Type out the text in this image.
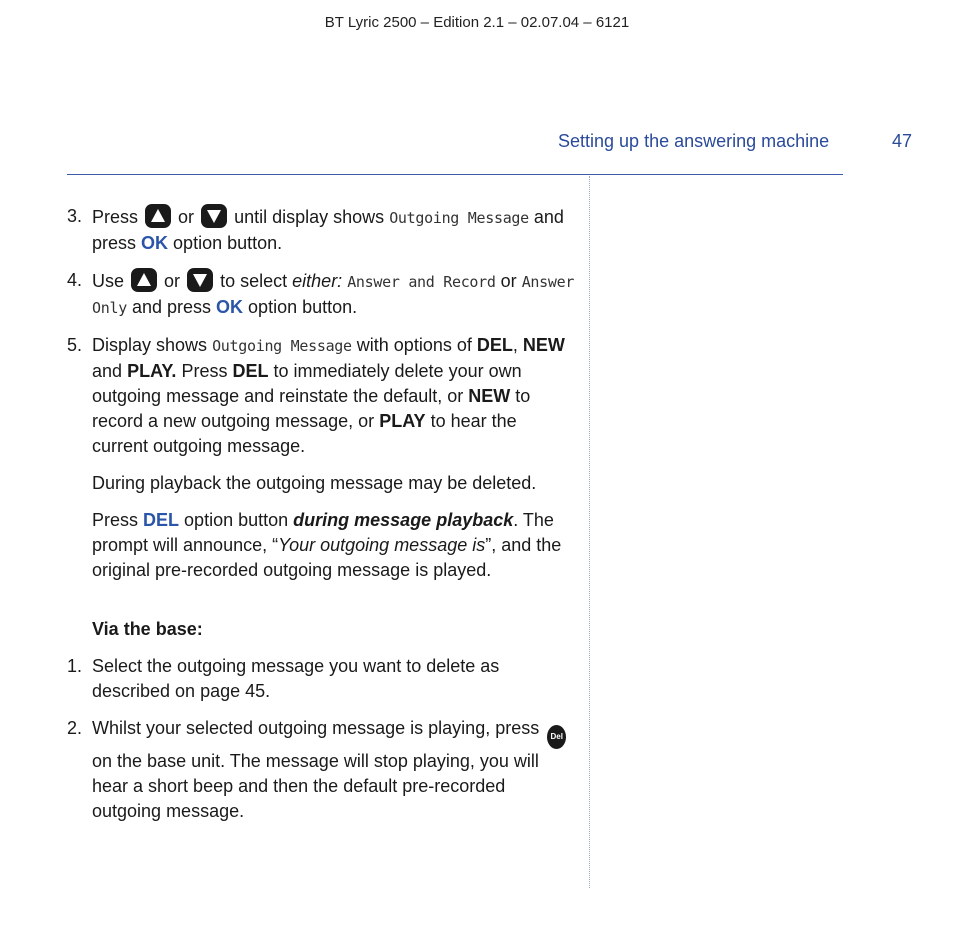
BT Lyric 2500 – Edition 2.1 – 02.07.04 – 6121
Setting up the answering machine	47
3. Press or until display shows Outgoing Message and press OK option button.
4. Use or to select either: Answer and Record or Answer Only and press OK option button.
5. Display shows Outgoing Message with options of DEL, NEW and PLAY. Press DEL to immediately delete your own outgoing message and reinstate the default, or NEW to record a new outgoing message, or PLAY to hear the current outgoing message.
During playback the outgoing message may be deleted.
Press DEL option button during message playback. The prompt will announce, “Your outgoing message is”, and the original pre-recorded outgoing message is played.
Via the base:
1. Select the outgoing message you want to delete as described on page 45.
2. Whilst your selected outgoing message is playing, press Del on the base unit. The message will stop playing, you will hear a short beep and then the default pre-recorded outgoing message.
